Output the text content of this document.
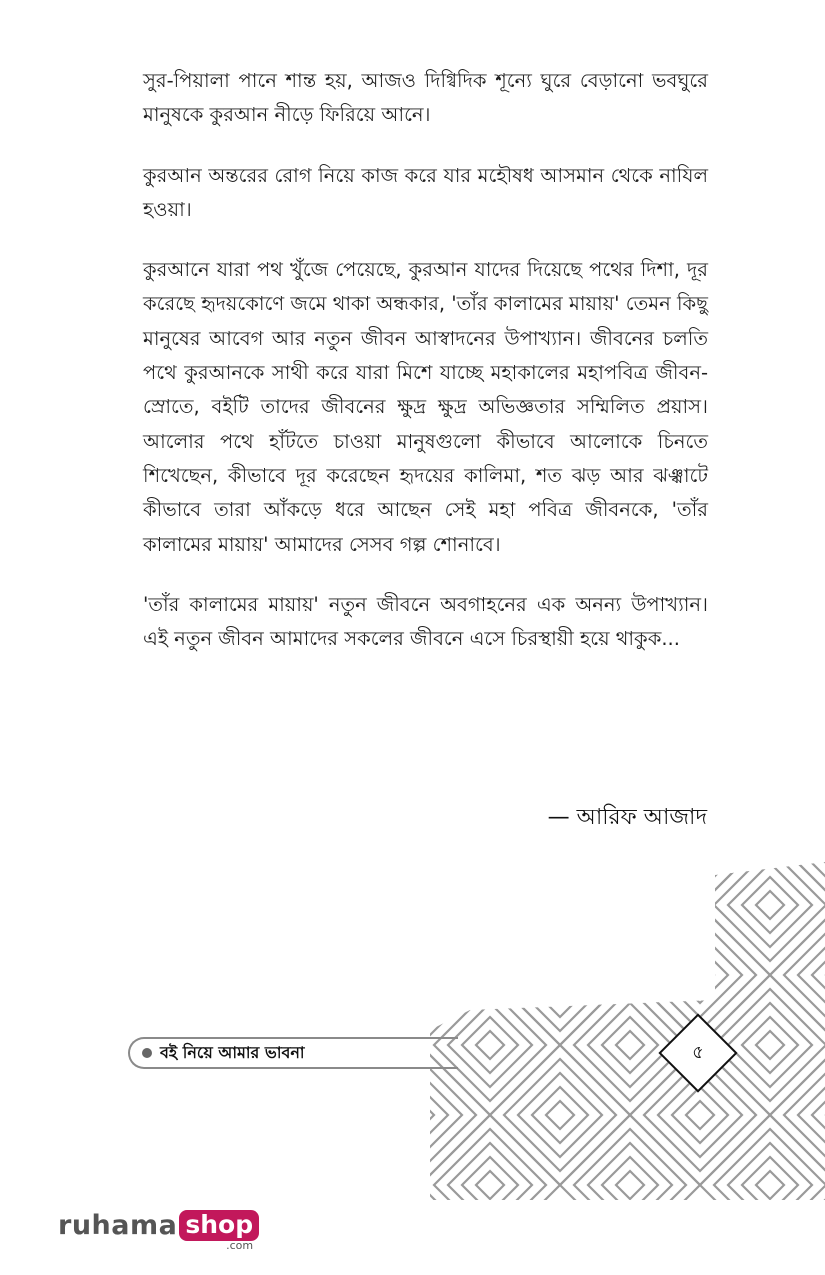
সুর-পিয়ালা পানে শান্ত হয়, আজও দিগ্বিদিক শূন্যে ঘুরে বেড়ানো ভবঘুরে মানুষকে কুরআন নীড়ে ফিরিয়ে আনে।

কুরআন অন্তরের রোগ নিয়ে কাজ করে যার মহৌষধ আসমান থেকে নাযিল হওয়া।

কুরআনে যারা পথ খুঁজে পেয়েছে, কুরআন যাদের দিয়েছে পথের দিশা, দূর করেছে হৃদয়কোণে জমে থাকা অন্ধকার, 'তাঁর কালামের মায়ায়' তেমন কিছু মানুষের আবেগ আর নতুন জীবন আস্বাদনের উপাখ্যান। জীবনের চলতি পথে কুরআনকে সাথী করে যারা মিশে যাচ্ছে মহাকালের মহাপবিত্র জীবন-স্রোতে, বইটি তাদের জীবনের ক্ষুদ্র ক্ষুদ্র অভিজ্ঞতার সম্মিলিত প্রয়াস। আলোর পথে হাঁটতে চাওয়া মানুষগুলো কীভাবে আলোকে চিনতে শিখেছেন, কীভাবে দূর করেছেন হৃদয়ের কালিমা, শত ঝড় আর ঝঞ্ঝাটে কীভাবে তারা আঁকড়ে ধরে আছেন সেই মহা পবিত্র জীবনকে, 'তাঁর কালামের মায়ায়' আমাদের সেসব গল্প শোনাবে।

'তাঁর কালামের মায়ায়' নতুন জীবনে অবগাহনের এক অনন্য উপাখ্যান। এই নতুন জীবন আমাদের সকলের জীবনে এসে চিরস্থায়ী হয়ে থাকুক...

— আরিফ আজাদ
বই নিয়ে আমার ভাবনা	৫
ruhama shop
.com
